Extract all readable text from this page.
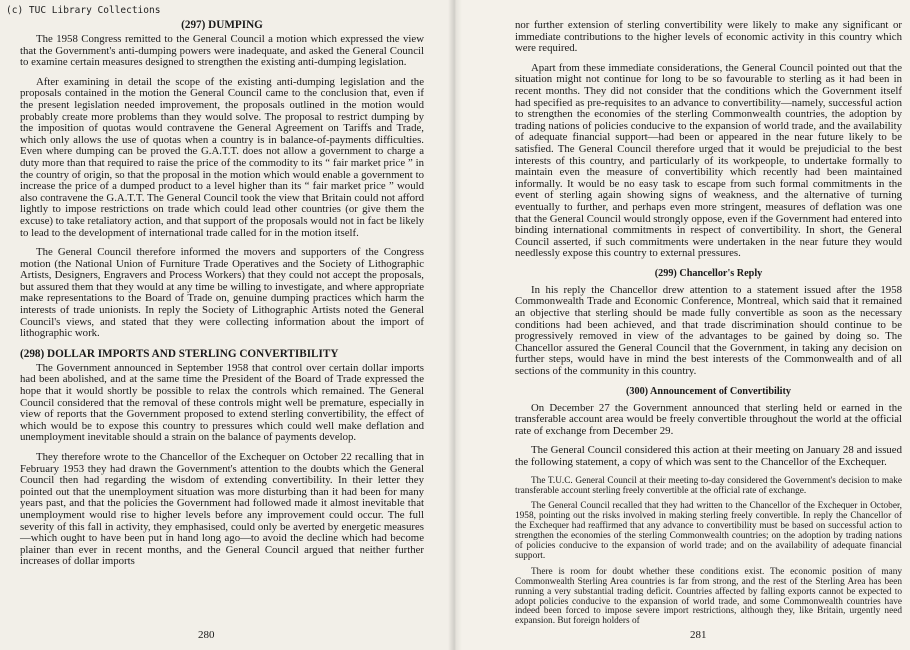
(c) TUC Library Collections
(297) DUMPING

The 1958 Congress remitted to the General Council a motion which expressed the view that the Government's anti-dumping powers were inadequate, and asked the General Council to examine certain measures designed to strengthen the existing anti-dumping legislation.

After examining in detail the scope of the existing anti-dumping legislation and the proposals contained in the motion the General Council came to the conclusion that, even if the present legislation needed improvement, the proposals outlined in the motion would probably create more problems than they would solve. The proposal to restrict dumping by the imposition of quotas would contravene the General Agreement on Tariffs and Trade, which only allows the use of quotas when a country is in balance-of-payments difficulties. Even where dumping can be proved the G.A.T.T. does not allow a government to charge a duty more than that required to raise the price of the commodity to its “ fair market price ” in the country of origin, so that the proposal in the motion which would enable a government to increase the price of a dumped product to a level higher than its “ fair market price ” would also contravene the G.A.T.T. The General Council took the view that Britain could not afford lightly to impose restrictions on trade which could lead other countries (or give them the excuse) to take retaliatory action, and that support of the proposals would not in fact be likely to lead to the development of international trade called for in the motion itself.

The General Council therefore informed the movers and supporters of the Congress motion (the National Union of Furniture Trade Operatives and the Society of Lithographic Artists, Designers, Engravers and Process Workers) that they could not accept the proposals, but assured them that they would at any time be willing to investigate, and where appropriate make representations to the Board of Trade on, genuine dumping practices which harm the interests of trade unionists. In reply the Society of Lithographic Artists noted the General Council's views, and stated that they were collecting information about the import of lithographic work.

(298) DOLLAR IMPORTS AND STERLING CONVERTIBILITY

The Government announced in September 1958 that control over certain dollar imports had been abolished, and at the same time the President of the Board of Trade expressed the hope that it would shortly be possible to relax the controls which remained. The General Council considered that the removal of these controls might well be premature, especially in view of reports that the Government proposed to extend sterling convertibility, the effect of which would be to expose this country to pressures which could well make deflation and unemployment inevitable should a strain on the balance of payments develop.

They therefore wrote to the Chancellor of the Exchequer on October 22 recalling that in February 1953 they had drawn the Government's attention to the doubts which the General Council then had regarding the wisdom of extending convertibility. In their letter they pointed out that the unemployment situation was more disturbing than it had been for many years past, and that the policies the Government had followed made it almost inevitable that unemployment would rise to higher levels before any improvement could occur. The full severity of this fall in activity, they emphasised, could only be averted by energetic measures—which ought to have been put in hand long ago—to avoid the decline which had become plainer than ever in recent months, and the General Council argued that neither further increases of dollar imports

280

nor further extension of sterling convertibility were likely to make any significant or immediate contributions to the higher levels of economic activity in this country which were required.

Apart from these immediate considerations, the General Council pointed out that the situation might not continue for long to be so favourable to sterling as it had been in recent months. They did not consider that the conditions which the Government itself had specified as pre-requisites to an advance to convertibility—namely, successful action to strengthen the economies of the sterling Commonwealth countries, the adoption by trading nations of policies conducive to the expansion of world trade, and the availability of adequate financial support—had been or appeared in the near future likely to be satisfied. The General Council therefore urged that it would be prejudicial to the best interests of this country, and particularly of its workpeople, to undertake formally to maintain even the measure of convertibility which recently had been maintained informally. It would be no easy task to escape from such formal commitments in the event of sterling again showing signs of weakness, and the alternative of turning eventually to further, and perhaps even more stringent, measures of deflation was one that the General Council would strongly oppose, even if the Government had entered into binding international commitments in respect of convertibility. In short, the General Council asserted, if such commitments were undertaken in the near future they would needlessly expose this country to external pressures.

(299) Chancellor's Reply

In his reply the Chancellor drew attention to a statement issued after the 1958 Commonwealth Trade and Economic Conference, Montreal, which said that it remained an objective that sterling should be made fully convertible as soon as the necessary conditions had been achieved, and that trade discrimination should continue to be progressively removed in view of the advantages to be gained by doing so. The Chancellor assured the General Council that the Government, in taking any decision on further steps, would have in mind the best interests of the Commonwealth and of all sections of the community in this country.

(300) Announcement of Convertibility

On December 27 the Government announced that sterling held or earned in the transferable account area would be freely convertible throughout the world at the official rate of exchange from December 29.

The General Council considered this action at their meeting on January 28 and issued the following statement, a copy of which was sent to the Chancellor of the Exchequer.

The T.U.C. General Council at their meeting to-day considered the Government's decision to make transferable account sterling freely convertible at the official rate of exchange.

The General Council recalled that they had written to the Chancellor of the Exchequer in October, 1958, pointing out the risks involved in making sterling freely convertible. In reply the Chancellor of the Exchequer had reaffirmed that any advance to convertibility must be based on successful action to strengthen the economies of the sterling Commonwealth countries; on the adoption by trading nations of policies conducive to the expansion of world trade; and on the availability of adequate financial support.

There is room for doubt whether these conditions exist. The economic position of many Commonwealth Sterling Area countries is far from strong, and the rest of the Sterling Area has been running a very substantial trading deficit. Countries affected by falling exports cannot be expected to adopt policies conducive to the expansion of world trade, and some Commonwealth countries have indeed been forced to impose severe import restrictions, although they, like Britain, urgently need expansion. But foreign holders of

281
